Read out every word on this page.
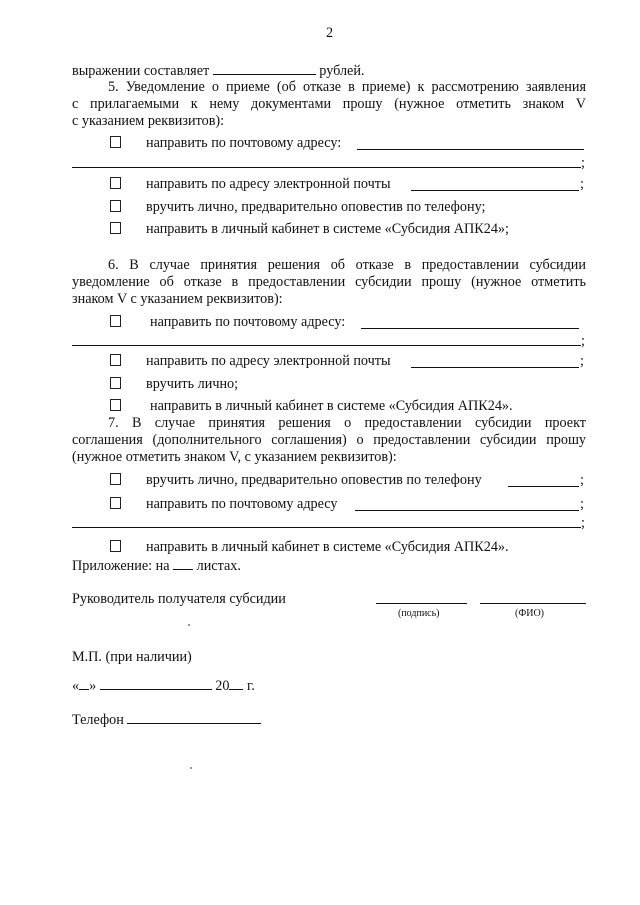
2
выражении составляет	рублей.
5. Уведомление о приеме (об отказе в приеме) к рассмотрению заявления
с прилагаемыми к нему документами прошу (нужное отметить знаком V
с указанием реквизитов):
направить по почтовому адресу:
;
направить по адресу электронной почты	;
вручить лично, предварительно оповестив по телефону;
направить в личный кабинет в системе «Субсидия АПК24»;
6. В случае принятия решения об отказе в предоставлении субсидии
уведомление об отказе в предоставлении субсидии прошу (нужное отметить
знаком V с указанием реквизитов):
направить по почтовому адресу:
;
направить по адресу электронной почты	;
вручить лично;
направить в личный кабинет в системе «Субсидия АПК24».
7. В случае принятия решения о предоставлении субсидии проект
соглашения (дополнительного соглашения) о предоставлении субсидии прошу
(нужное отметить знаком V, с указанием реквизитов):
вручить лично, предварительно оповестив по телефону	;
направить по почтовому адресу	;
;
направить в личный кабинет в системе «Субсидия АПК24».
Приложение: на листах.
Руководитель получателя субсидии
(подпись)	(ФИО)
М.П. (при наличии)
« »	20 г.
Телефон
